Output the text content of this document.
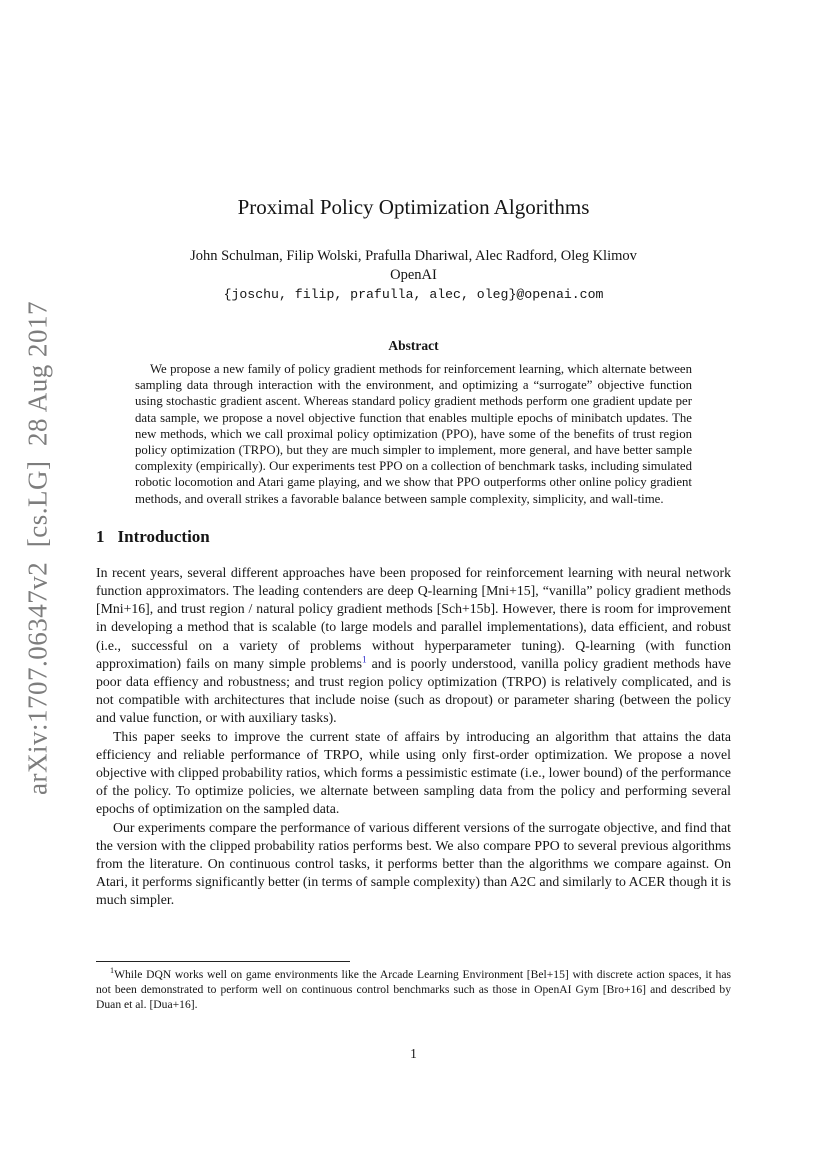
arXiv:1707.06347v2  [cs.LG]  28 Aug 2017
Proximal Policy Optimization Algorithms
John Schulman, Filip Wolski, Prafulla Dhariwal, Alec Radford, Oleg Klimov
OpenAI
{joschu, filip, prafulla, alec, oleg}@openai.com
Abstract

We propose a new family of policy gradient methods for reinforcement learning, which alternate between sampling data through interaction with the environment, and optimizing a “surrogate” objective function using stochastic gradient ascent. Whereas standard policy gradient methods perform one gradient update per data sample, we propose a novel objective function that enables multiple epochs of minibatch updates. The new methods, which we call proximal policy optimization (PPO), have some of the benefits of trust region policy optimization (TRPO), but they are much simpler to implement, more general, and have better sample complexity (empirically). Our experiments test PPO on a collection of benchmark tasks, including simulated robotic locomotion and Atari game playing, and we show that PPO outperforms other online policy gradient methods, and overall strikes a favorable balance between sample complexity, simplicity, and wall-time.

1 Introduction

In recent years, several different approaches have been proposed for reinforcement learning with neural network function approximators. The leading contenders are deep Q-learning [Mni+15], “vanilla” policy gradient methods [Mni+16], and trust region / natural policy gradient methods [Sch+15b]. However, there is room for improvement in developing a method that is scalable (to large models and parallel implementations), data efficient, and robust (i.e., successful on a variety of problems without hyperparameter tuning). Q-learning (with function approximation) fails on many simple problems$^1$ and is poorly understood, vanilla policy gradient methods have poor data effiency and robustness; and trust region policy optimization (TRPO) is relatively complicated, and is not compatible with architectures that include noise (such as dropout) or parameter sharing (between the policy and value function, or with auxiliary tasks).

This paper seeks to improve the current state of affairs by introducing an algorithm that attains the data efficiency and reliable performance of TRPO, while using only first-order optimization. We propose a novel objective with clipped probability ratios, which forms a pessimistic estimate (i.e., lower bound) of the performance of the policy. To optimize policies, we alternate between sampling data from the policy and performing several epochs of optimization on the sampled data.

Our experiments compare the performance of various different versions of the surrogate objective, and find that the version with the clipped probability ratios performs best. We also compare PPO to several previous algorithms from the literature. On continuous control tasks, it performs better than the algorithms we compare against. On Atari, it performs significantly better (in terms of sample complexity) than A2C and similarly to ACER though it is much simpler.

$^1$While DQN works well on game environments like the Arcade Learning Environment [Bel+15] with discrete action spaces, it has not been demonstrated to perform well on continuous control benchmarks such as those in OpenAI Gym [Bro+16] and described by Duan et al. [Dua+16].

1
